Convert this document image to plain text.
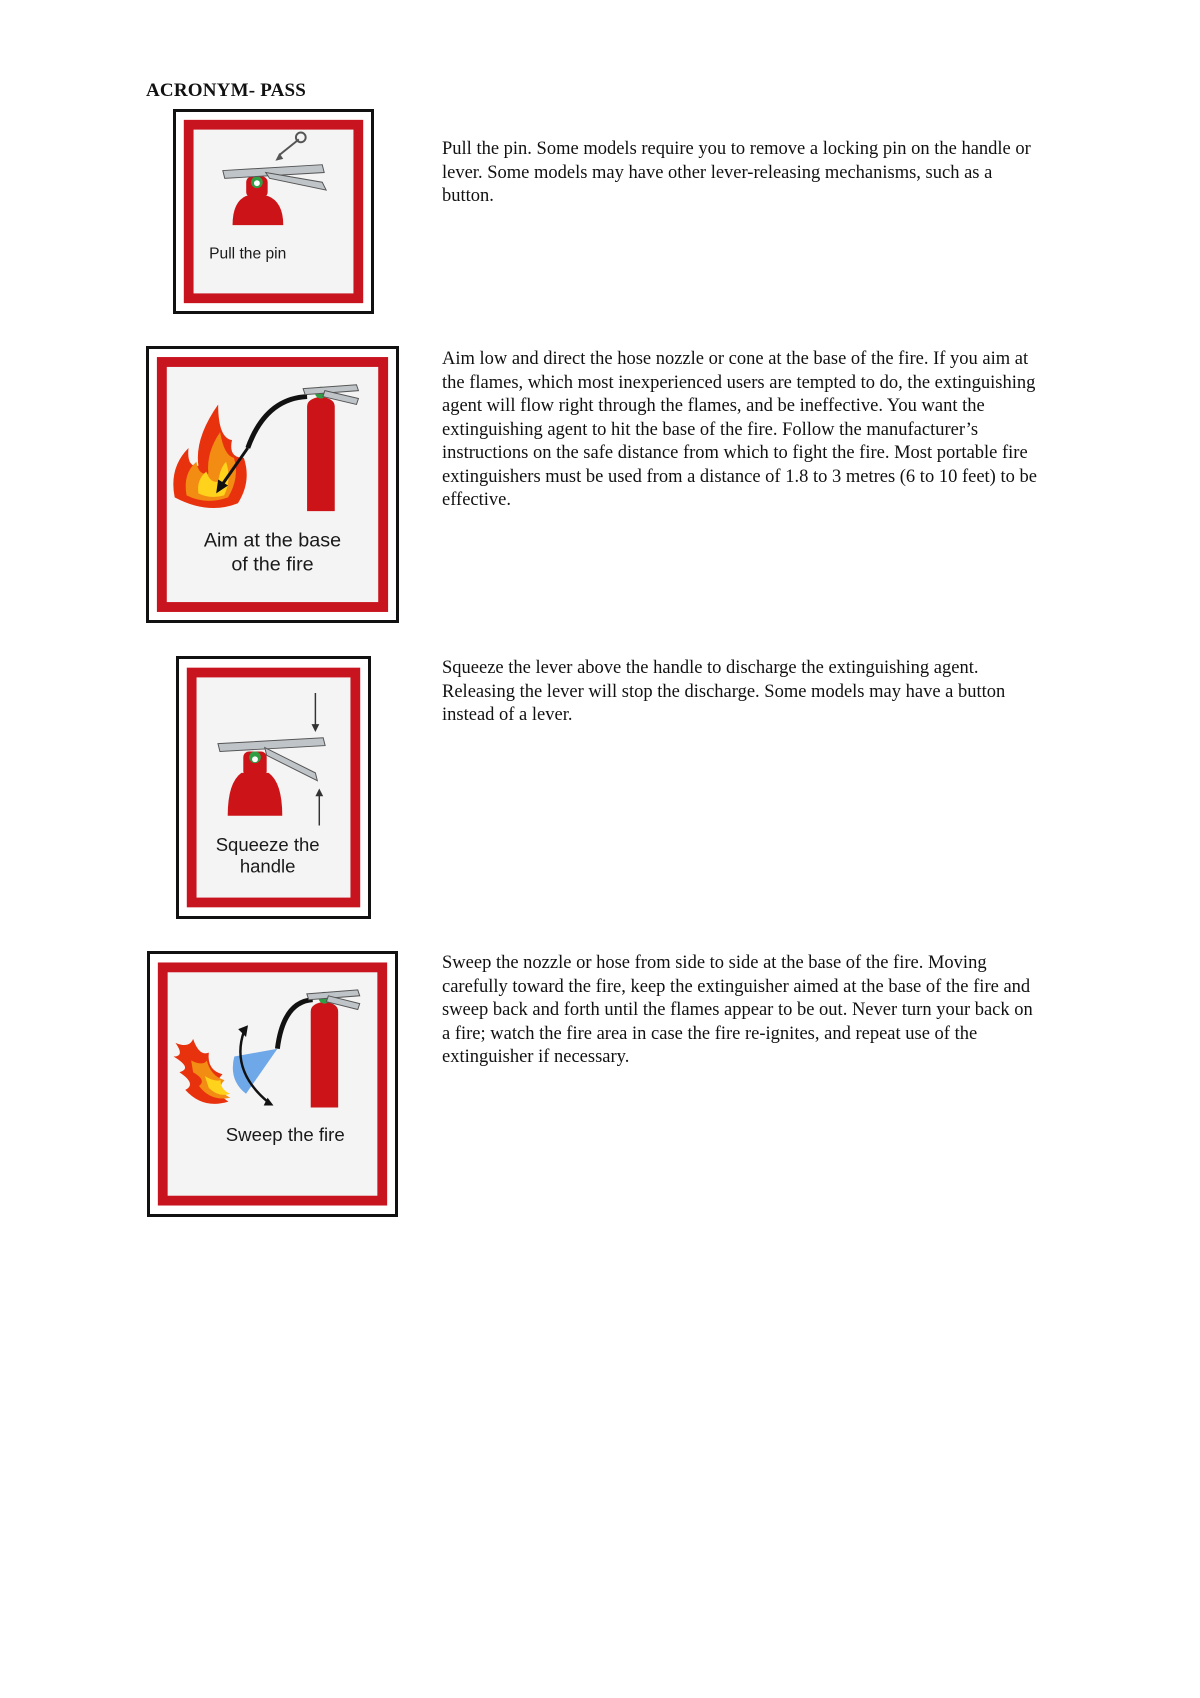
ACRONYM- PASS
Pull the pin
Pull the pin. Some models require you to remove a locking pin on the handle or lever. Some models may have other lever-releasing mechanisms, such as a button.
Aim at the base
of the fire
Aim low and direct the hose nozzle or cone at the base of the fire. If you aim at the flames, which most inexperienced users are tempted to do, the extinguishing agent will flow right through the flames, and be ineffective. You want the extinguishing agent to hit the base of the fire. Follow the manufacturer’s instructions on the safe distance from which to fight the fire. Most portable fire extinguishers must be used from a distance of 1.8 to 3 metres (6 to 10 feet) to be effective.
Squeeze the
handle
Squeeze the lever above the handle to discharge the extinguishing agent. Releasing the lever will stop the discharge. Some models may have a button instead of a lever.
Sweep the fire
Sweep the nozzle or hose from side to side at the base of the fire. Moving carefully toward the fire, keep the extinguisher aimed at the base of the fire and sweep back and forth until the flames appear to be out. Never turn your back on a fire; watch the fire area in case the fire re-ignites, and repeat use of the extinguisher if necessary.
